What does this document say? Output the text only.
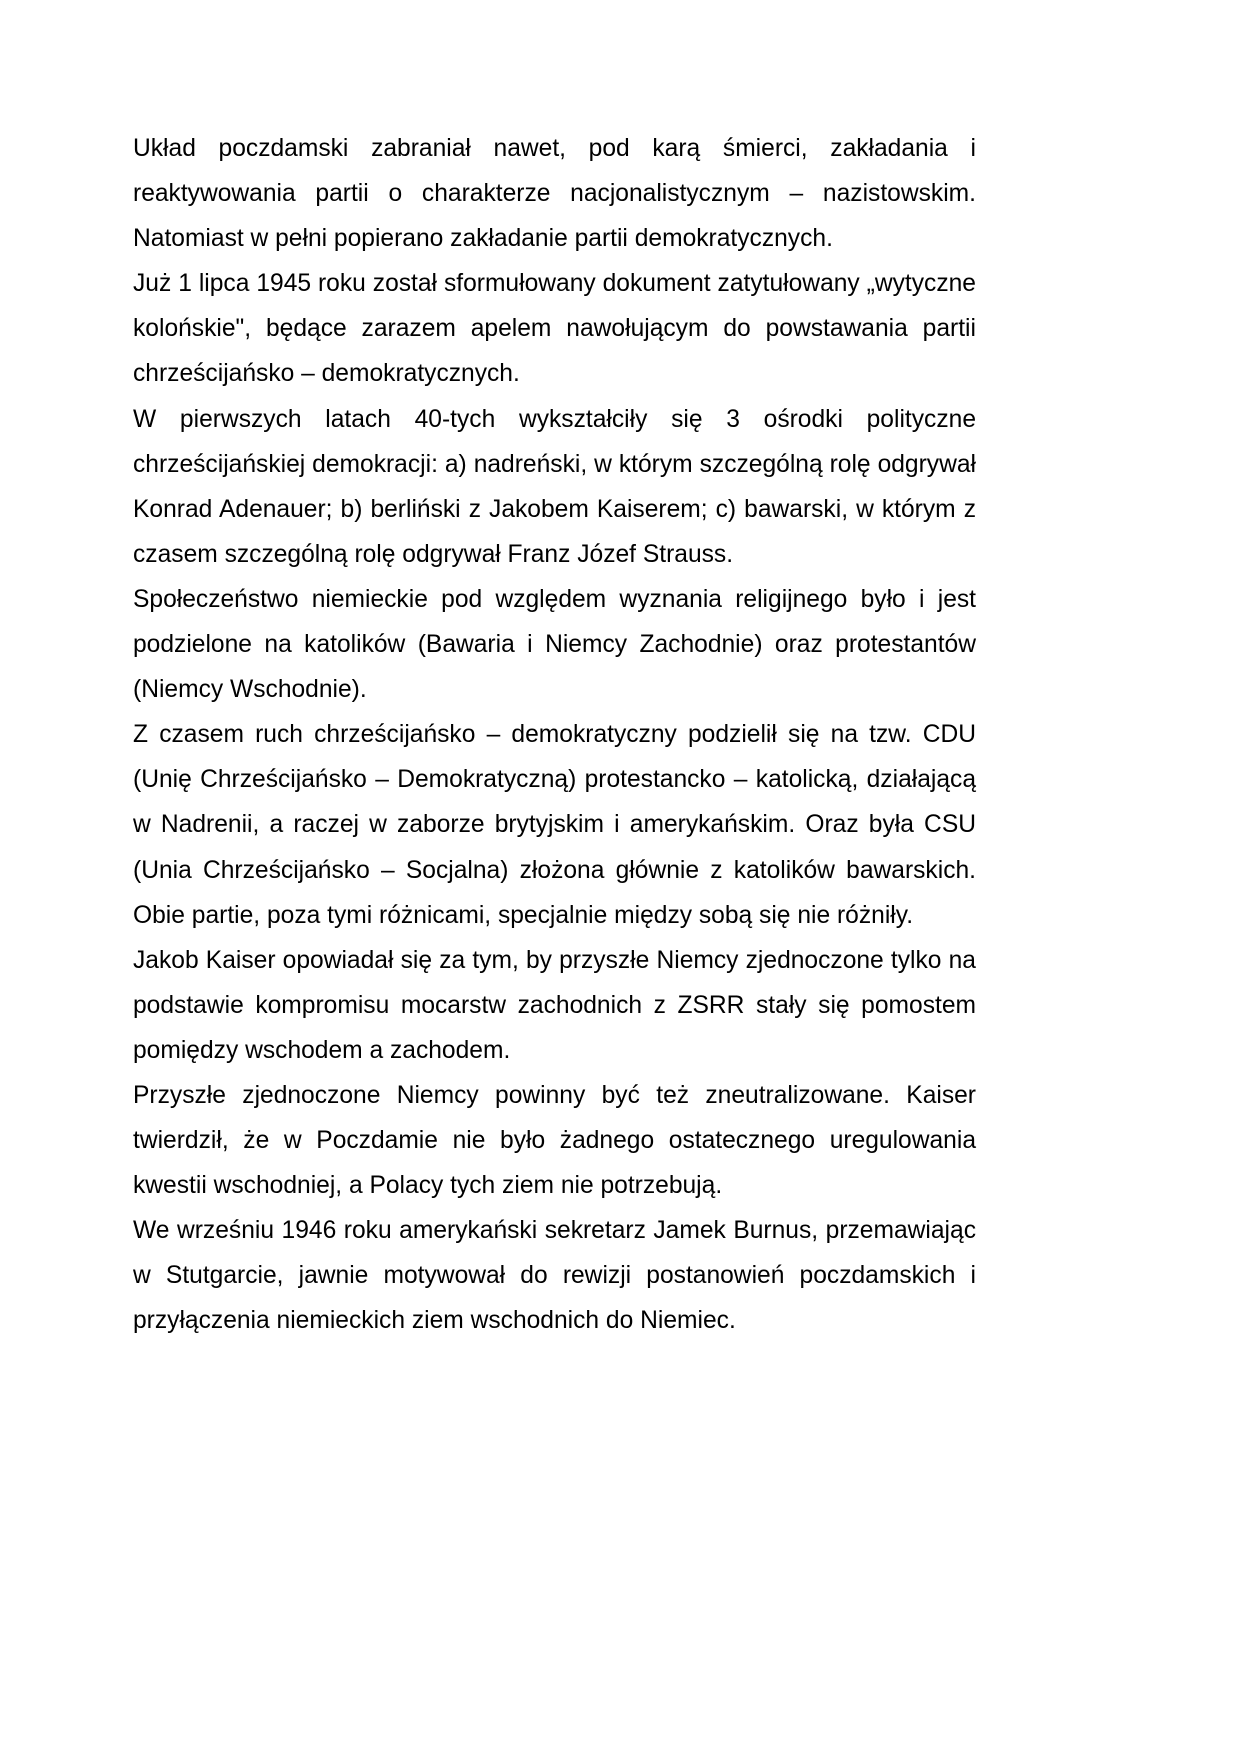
Układ poczdamski zabraniał nawet, pod karą śmierci, zakładania i reaktywowania partii o charakterze nacjonalistycznym – nazistowskim. Natomiast w pełni popierano zakładanie partii demokratycznych.

Już 1 lipca 1945 roku został sformułowany dokument zatytułowany „wytyczne kolońskie", będące zarazem apelem nawołującym do powstawania partii chrześcijańsko – demokratycznych.

W pierwszych latach 40-tych wykształciły się 3 ośrodki polityczne chrześcijańskiej demokracji: a) nadreński, w którym szczególną rolę odgrywał Konrad Adenauer; b) berliński z Jakobem Kaiserem; c) bawarski, w którym z czasem szczególną rolę odgrywał Franz Józef Strauss.

Społeczeństwo niemieckie pod względem wyznania religijnego było i jest podzielone na katolików (Bawaria i Niemcy Zachodnie) oraz protestantów (Niemcy Wschodnie).

Z czasem ruch chrześcijańsko – demokratyczny podzielił się na tzw. CDU (Unię Chrześcijańsko – Demokratyczną) protestancko – katolicką, działającą w Nadrenii, a raczej w zaborze brytyjskim i amerykańskim. Oraz była CSU (Unia Chrześcijańsko – Socjalna) złożona głównie z katolików bawarskich. Obie partie, poza tymi różnicami, specjalnie między sobą się nie różniły.

Jakob Kaiser opowiadał się za tym, by przyszłe Niemcy zjednoczone tylko na podstawie kompromisu mocarstw zachodnich z ZSRR stały się pomostem pomiędzy wschodem a zachodem.

Przyszłe zjednoczone Niemcy powinny być też zneutralizowane. Kaiser twierdził, że w Poczdamie nie było żadnego ostatecznego uregulowania kwestii wschodniej, a Polacy tych ziem nie potrzebują.

We wrześniu 1946 roku amerykański sekretarz Jamek Burnus, przemawiając w Stutgarcie, jawnie motywował do rewizji postanowień poczdamskich i przyłączenia niemieckich ziem wschodnich do Niemiec.
